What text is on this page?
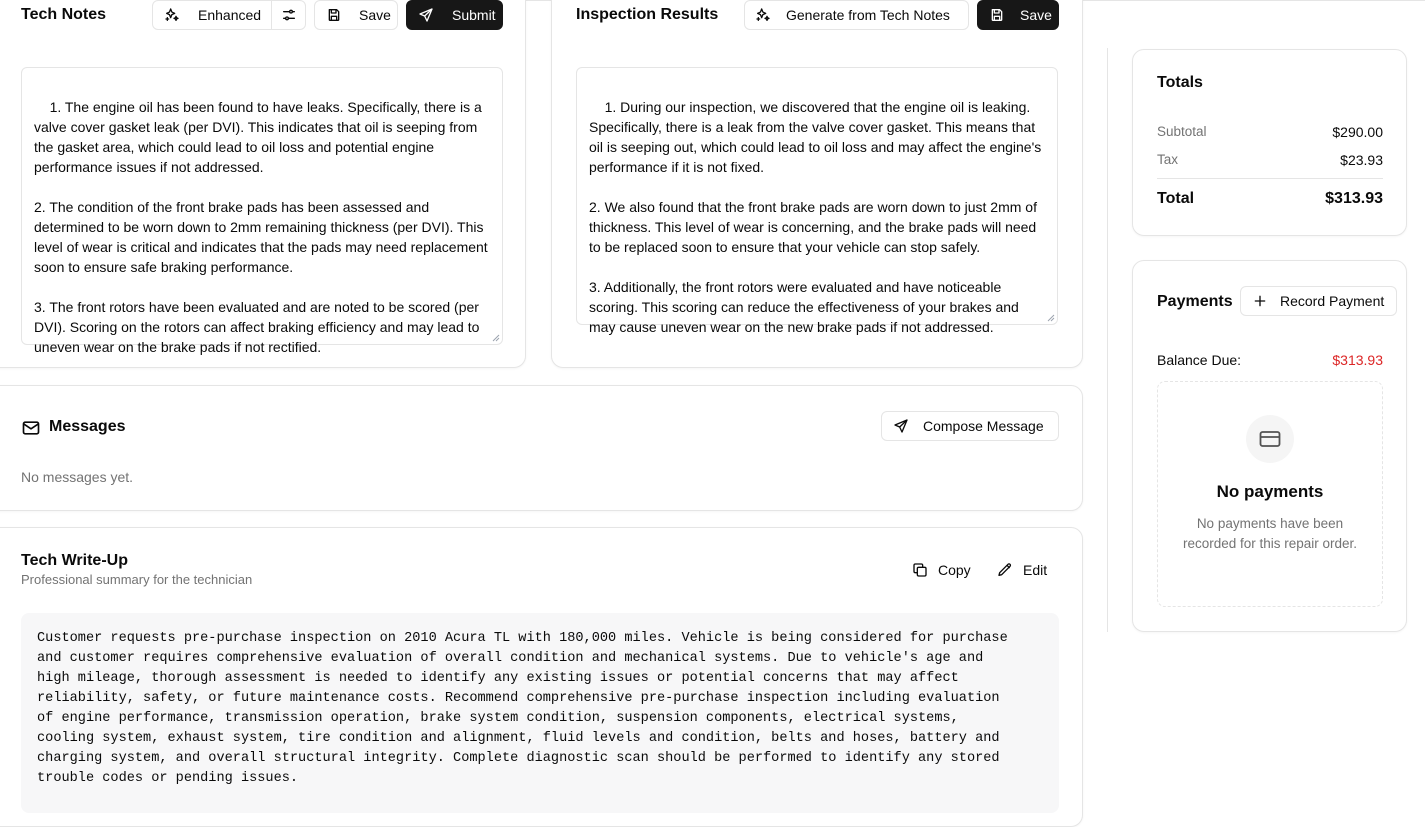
Tech Notes	Enhanced	Save	Submit

1. The engine oil has been found to have leaks. Specifically, there is a valve cover gasket leak (per DVI). This indicates that oil is seeping from the gasket area, which could lead to oil loss and potential engine performance issues if not addressed.

2. The condition of the front brake pads has been assessed and determined to be worn down to 2mm remaining thickness (per DVI). This level of wear is critical and indicates that the pads may need replacement soon to ensure safe braking performance.

3. The front rotors have been evaluated and are noted to be scored (per DVI). Scoring on the rotors can affect braking efficiency and may lead to uneven wear on the brake pads if not rectified.

Inspection Results	Generate from Tech Notes	Save

1. During our inspection, we discovered that the engine oil is leaking. Specifically, there is a leak from the valve cover gasket. This means that oil is seeping out, which could lead to oil loss and may affect the engine's performance if it is not fixed.

2. We also found that the front brake pads are worn down to just 2mm of thickness. This level of wear is concerning, and the brake pads will need to be replaced soon to ensure that your vehicle can stop safely.

3. Additionally, the front rotors were evaluated and have noticeable scoring. This scoring can reduce the effectiveness of your brakes and may cause uneven wear on the new brake pads if not addressed.

Messages	Compose Message
No messages yet.
Tech Write-Up
Professional summary for the technician
Copy	Edit
Customer requests pre-purchase inspection on 2010 Acura TL with 180,000 miles. Vehicle is being considered for purchase
and customer requires comprehensive evaluation of overall condition and mechanical systems. Due to vehicle's age and
high mileage, thorough assessment is needed to identify any existing issues or potential concerns that may affect
reliability, safety, or future maintenance costs. Recommend comprehensive pre-purchase inspection including evaluation
of engine performance, transmission operation, brake system condition, suspension components, electrical systems,
cooling system, exhaust system, tire condition and alignment, fluid levels and condition, belts and hoses, battery and
charging system, and overall structural integrity. Complete diagnostic scan should be performed to identify any stored
trouble codes or pending issues.
Totals
Subtotal	$290.00
Tax	$23.93
Total	$313.93
Payments	Record Payment
Balance Due:	$313.93
No payments
No payments have been recorded for this repair order.
